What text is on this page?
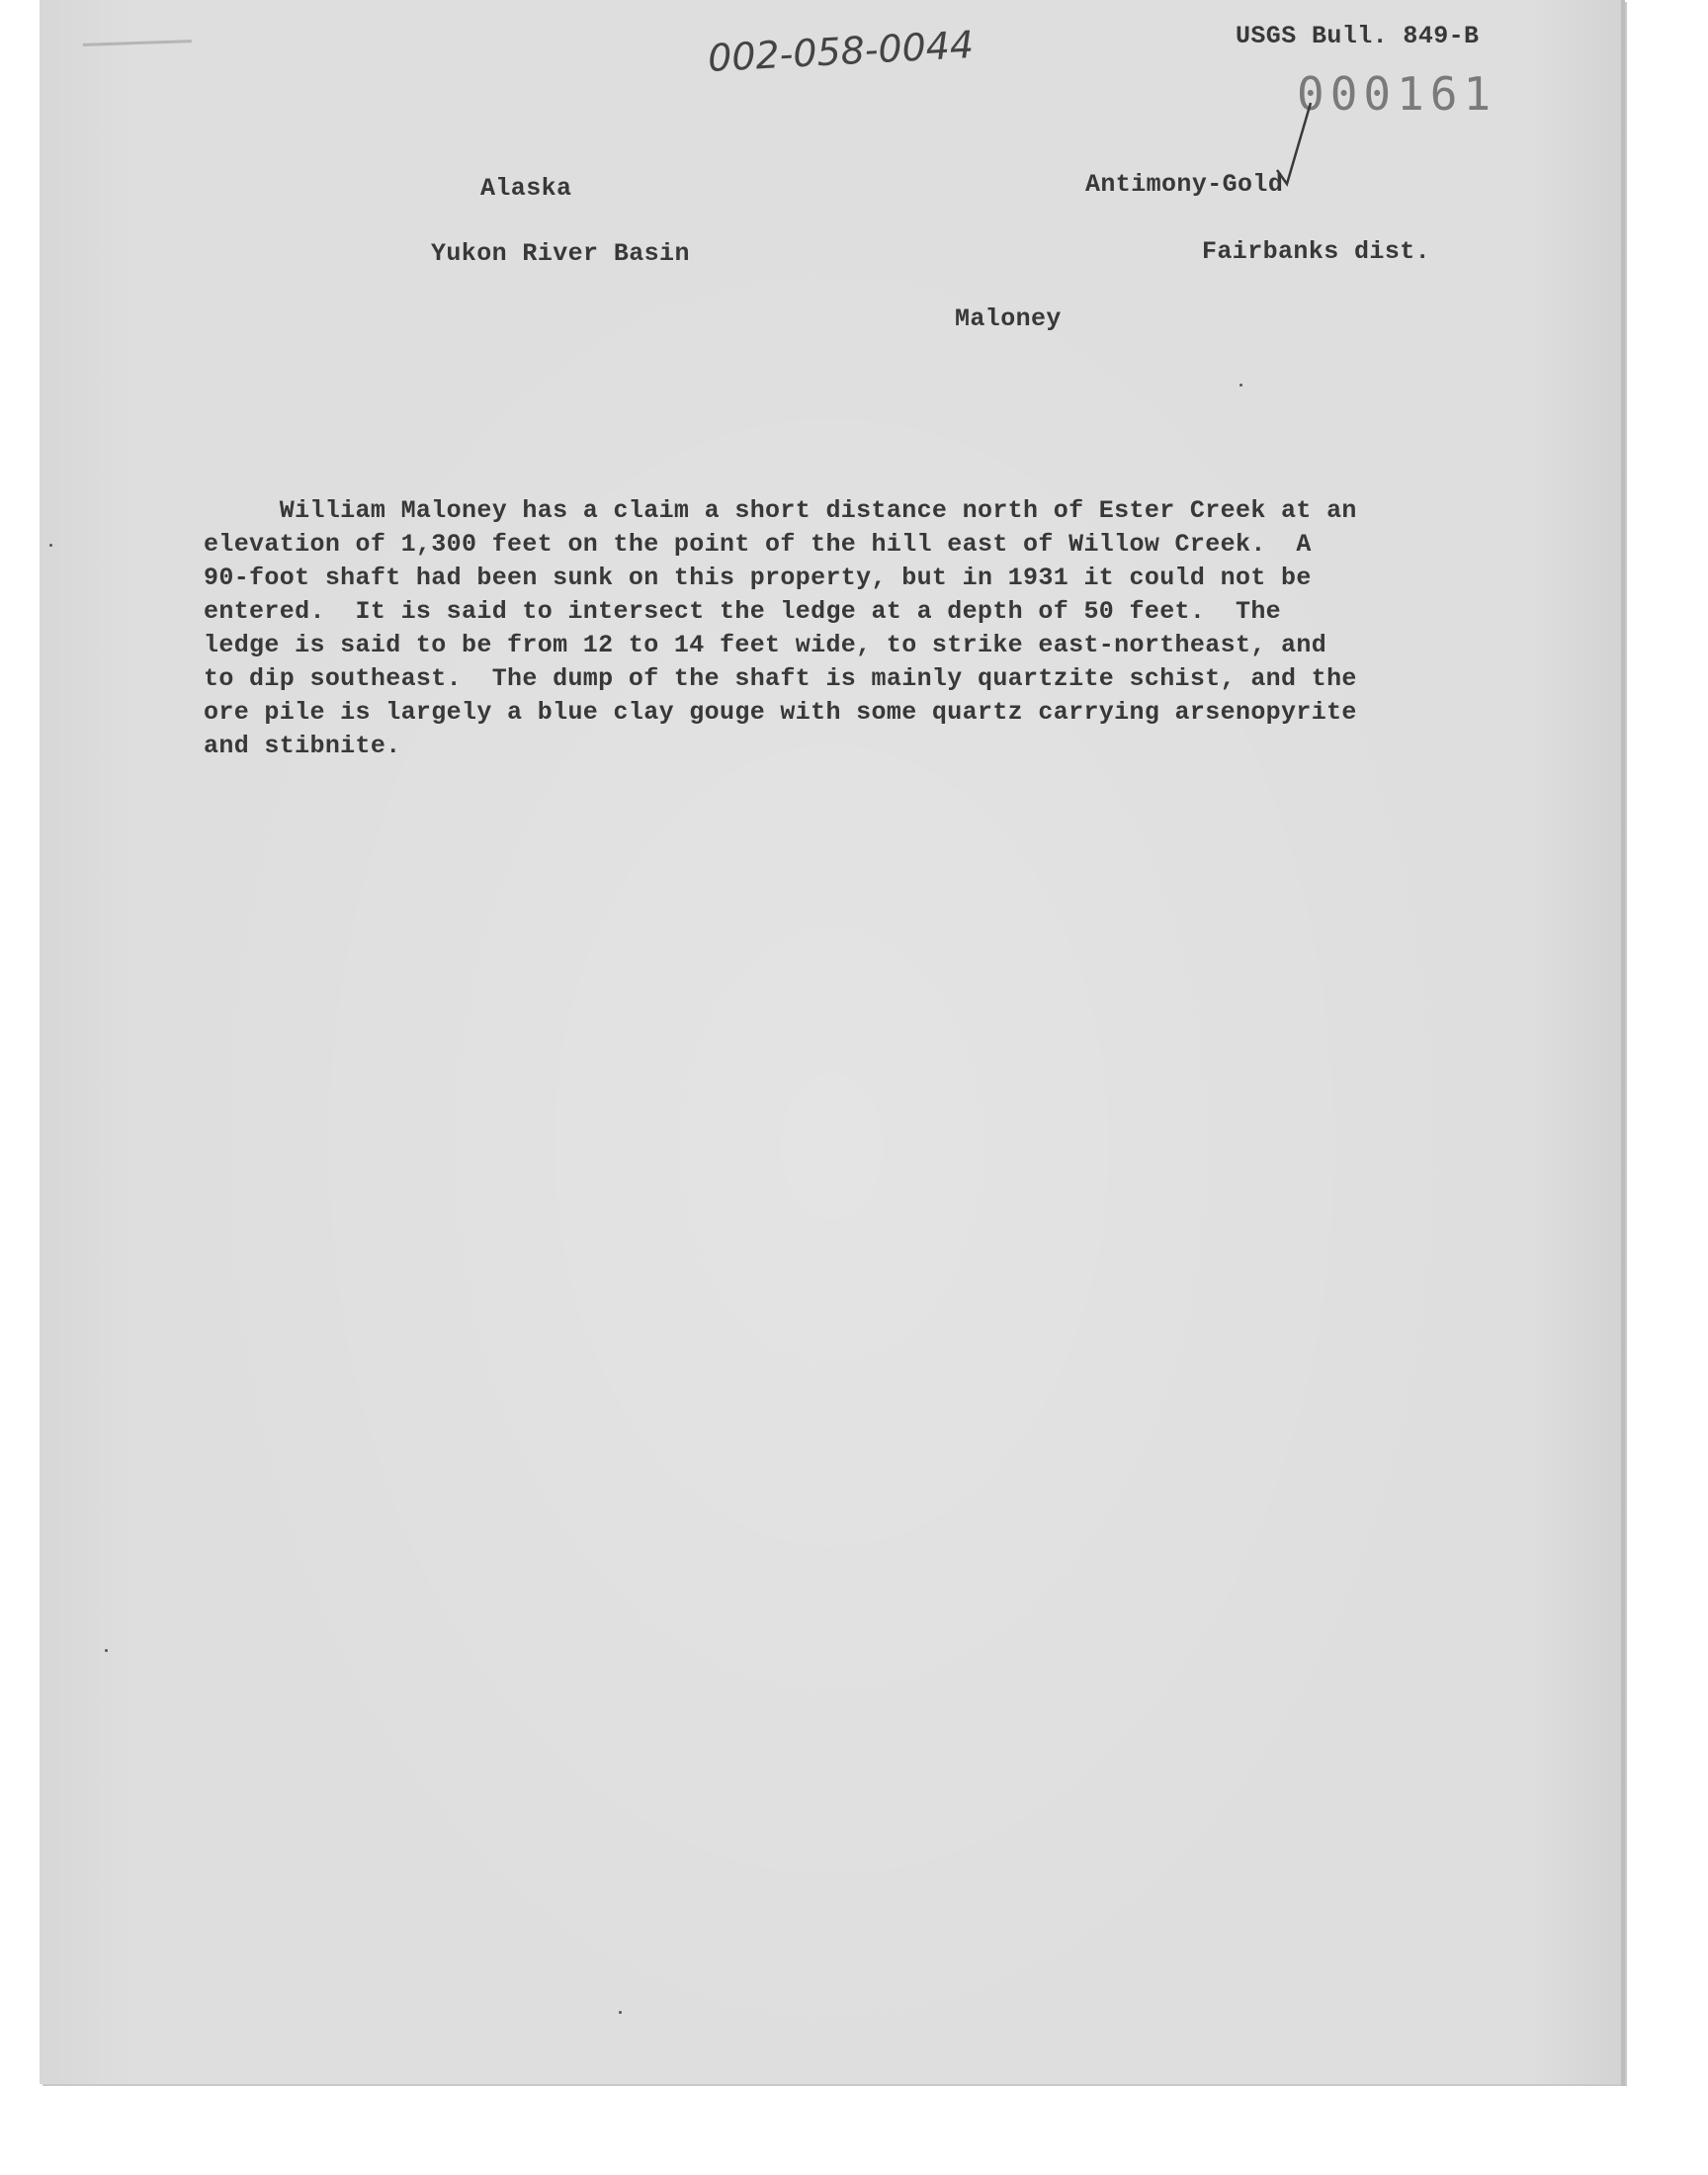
002-058-0044	USGS Bull. 849-B
000161
Alaska	Antimony-Gold
Yukon River Basin	Fairbanks dist.
Maloney
William Maloney has a claim a short distance north of Ester Creek at an
elevation of 1,300 feet on the point of the hill east of Willow Creek.  A
90-foot shaft had been sunk on this property, but in 1931 it could not be
entered.  It is said to intersect the ledge at a depth of 50 feet.  The
ledge is said to be from 12 to 14 feet wide, to strike east-northeast, and
to dip southeast.  The dump of the shaft is mainly quartzite schist, and the
ore pile is largely a blue clay gouge with some quartz carrying arsenopyrite
and stibnite.
